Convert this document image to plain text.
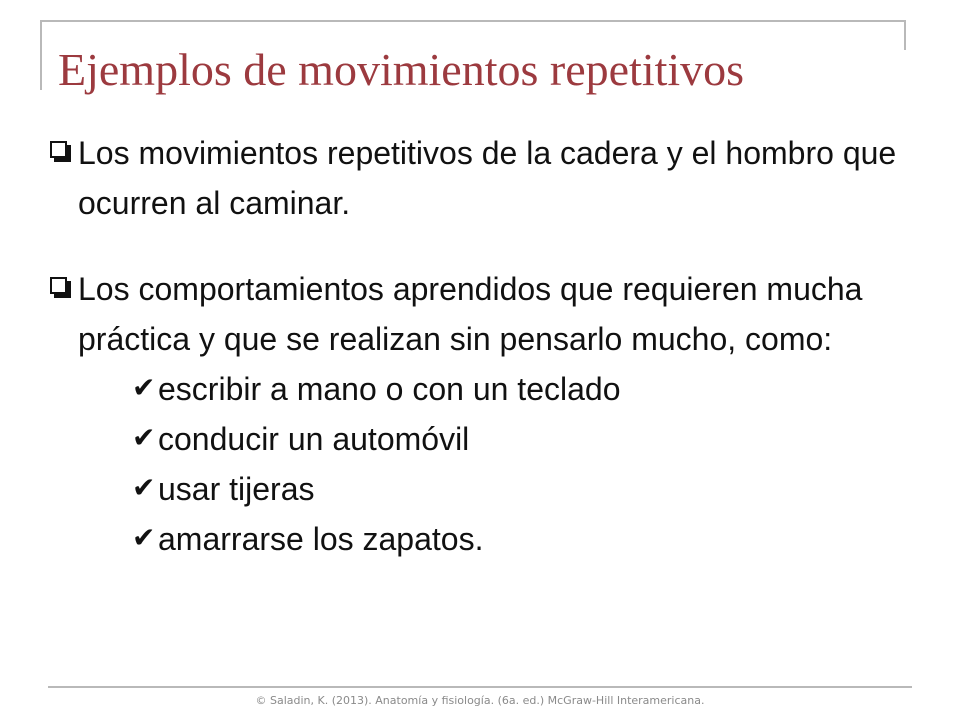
Ejemplos de movimientos repetitivos
Los movimientos repetitivos de la cadera y el hombro que ocurren al caminar.
Los comportamientos aprendidos que requieren mucha práctica y que se realizan sin pensarlo mucho, como:
✔ escribir a mano o con un teclado
✔ conducir un automóvil
✔ usar tijeras
✔ amarrarse los zapatos.
© Saladin, K. (2013). Anatomía y fisiología. (6a. ed.) McGraw-Hill Interamericana.
